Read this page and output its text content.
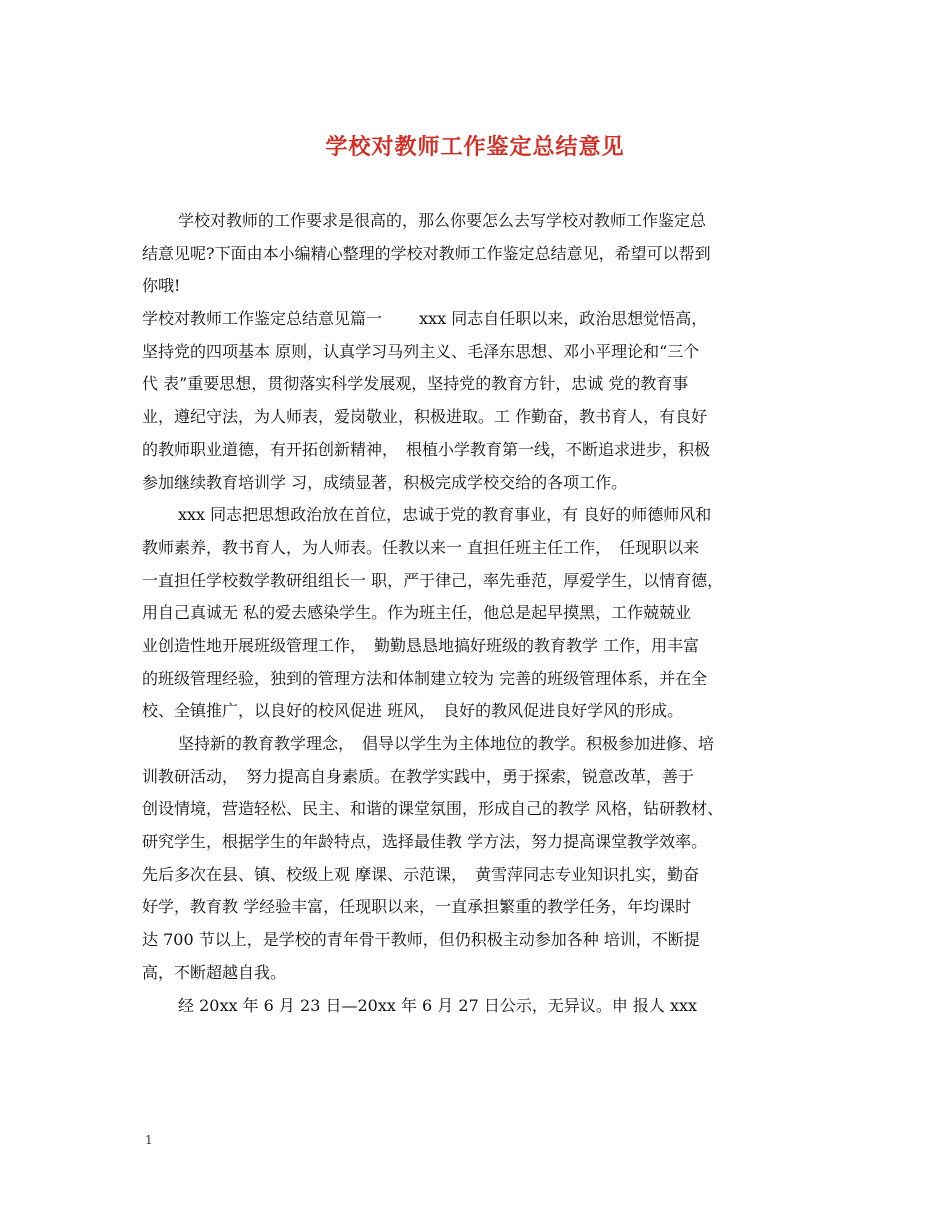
学校对教师工作鉴定总结意见
学校对教师的工作要求是很高的，那么你要怎么去写学校对教师工作鉴定总
结意见呢?下面由本小编精心整理的学校对教师工作鉴定总结意见，希望可以帮到
你哦!
学校对教师工作鉴定总结意见篇一　　 xxx 同志自任职以来，政治思想觉悟高，
坚持党的四项基本 原则，认真学习马列主义、毛泽东思想、邓小平理论和“三个
代 表”重要思想，贯彻落实科学发展观，坚持党的教育方针，忠诚 党的教育事
业，遵纪守法，为人师表，爱岗敬业，积极进取。工 作勤奋，教书育人，有良好
的教师职业道德，有开拓创新精神，　根植小学教育第一线，不断追求进步，积极
参加继续教育培训学 习，成绩显著，积极完成学校交给的各项工作。
xxx 同志把思想政治放在首位，忠诚于党的教育事业，有 良好的师德师风和
教师素养，教书育人，为人师表。任教以来一 直担任班主任工作，　任现职以来
一直担任学校数学教研组组长一 职，严于律己，率先垂范，厚爱学生，以情育德，
用自己真诚无 私的爱去感染学生。作为班主任，他总是起早摸黑，工作兢兢业
业创造性地开展班级管理工作，　勤勤恳恳地搞好班级的教育教学 工作，用丰富
的班级管理经验，独到的管理方法和体制建立较为 完善的班级管理体系，并在全
校、全镇推广，以良好的校风促进 班风，　良好的教风促进良好学风的形成。
坚持新的教育教学理念，　倡导以学生为主体地位的教学。积极参加进修、培
训教研活动，　努力提高自身素质。在教学实践中，勇于探索，锐意改革，善于
创设情境，营造轻松、民主、和谐的课堂氛围，形成自己的教学 风格，钻研教材、
研究学生，根据学生的年龄特点，选择最佳教 学方法，努力提高课堂教学效率。
先后多次在县、镇、校级上观 摩课、示范课，　黄雪萍同志专业知识扎实，勤奋
好学，教育教 学经验丰富，任现职以来，一直承担繁重的教学任务，年均课时
达 700 节以上，是学校的青年骨干教师，但仍积极主动参加各种 培训，不断提
高，不断超越自我。
经 20xx 年 6 月 23 日—20xx 年 6 月 27 日公示，无异议。申 报人 xxx
1
